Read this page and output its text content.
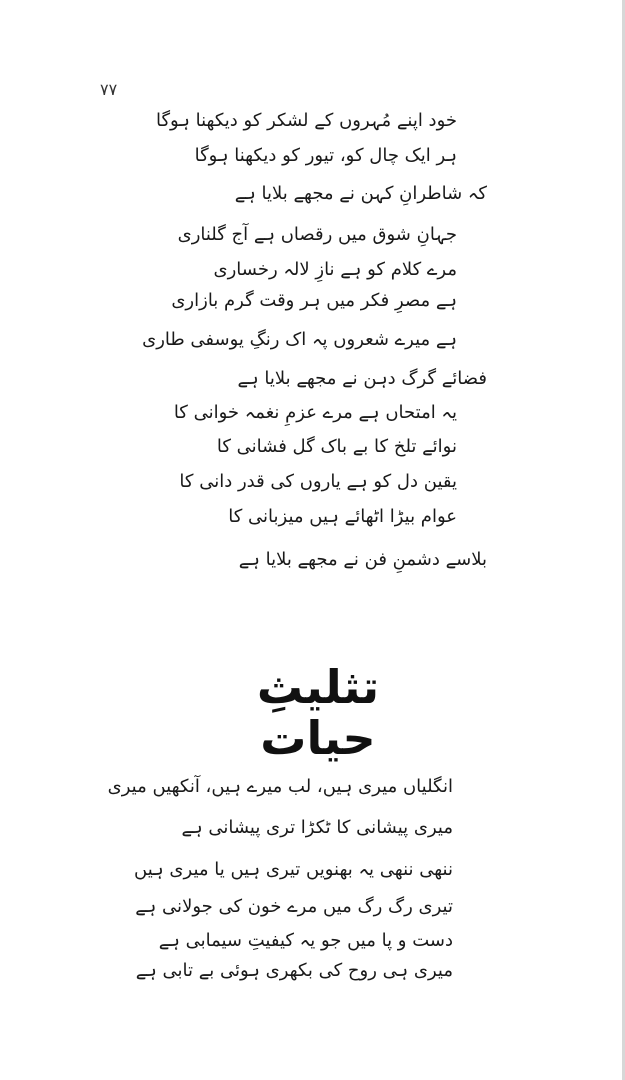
۷۷
خود اپنے مُہروں کے لشکر کو دیکھنا ہوگا
ہر ایک چال کو، تیور کو دیکھنا ہوگا
کہ شاطرانِ کہن نے مجھے بلایا ہے
جہانِ شوق میں رقصاں ہے آج گلناری
مرے کلام کو ہے نازِ لالہ رخساری
ہے مصرِ فکر میں ہر وقت گرم بازاری
ہے میرے شعروں پہ اک رنگِ یوسفی طاری
فضائے گرگ دہن نے مجھے بلایا ہے
یہ امتحاں ہے مرے عزمِ نغمہ خوانی کا
نوائے تلخ کا بے باک گل فشانی کا
یقین دل کو ہے یاروں کی قدر دانی کا
عوام بیڑا اٹھائے ہیں میزبانی کا
بلاسے دشمنِ فن نے مجھے بلایا ہے
تثلیثِ حیات
انگلیاں میری ہیں، لب میرے ہیں، آنکھیں میری
میری پیشانی کا ٹکڑا تری پیشانی ہے
ننھی ننھی یہ بھنویں تیری ہیں یا میری ہیں
تیری رگ رگ میں مرے خون کی جولانی ہے
دست و پا میں جو یہ کیفیتِ سیمابی ہے
میری ہی روح کی بکھری ہوئی بے تابی ہے
